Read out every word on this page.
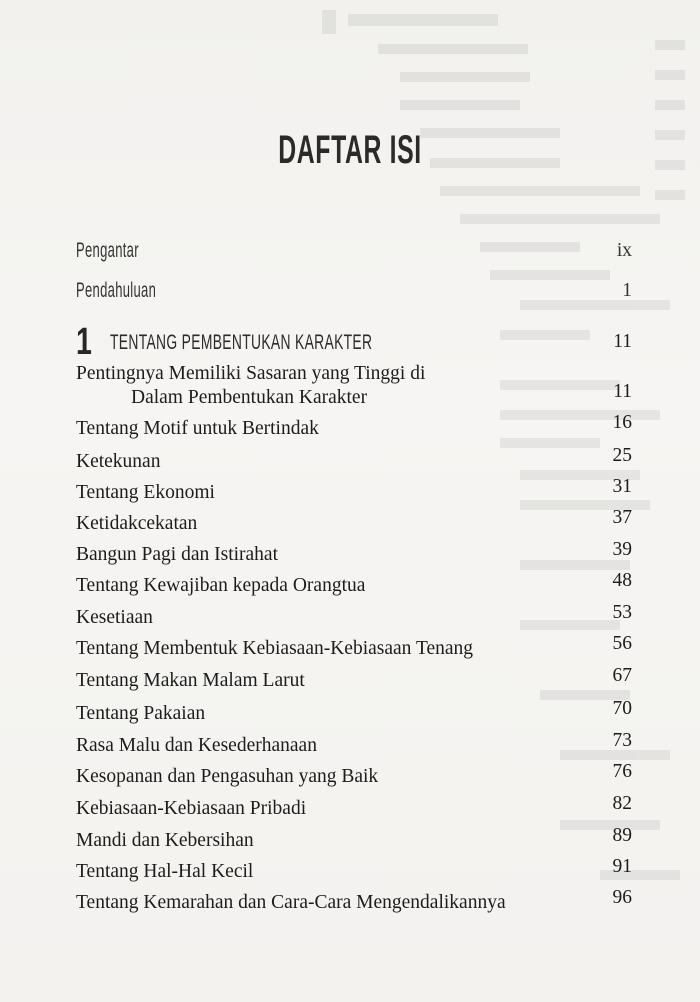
DAFTAR ISI
Pengantar	ix
Pendahuluan	1
1 TENTANG PEMBENTUKAN KARAKTER	11
Pentingnya Memiliki Sasaran yang Tinggi di
Dalam Pembentukan Karakter	11
Tentang Motif untuk Bertindak	16
Ketekunan	25
Tentang Ekonomi	31
Ketidakcekatan	37
Bangun Pagi dan Istirahat	39
Tentang Kewajiban kepada Orangtua	48
Kesetiaan	53
Tentang Membentuk Kebiasaan-Kebiasaan Tenang	56
Tentang Makan Malam Larut	67
Tentang Pakaian	70
Rasa Malu dan Kesederhanaan	73
Kesopanan dan Pengasuhan yang Baik	76
Kebiasaan-Kebiasaan Pribadi	82
Mandi dan Kebersihan	89
Tentang Hal-Hal Kecil	91
Tentang Kemarahan dan Cara-Cara Mengendalikannya	96
